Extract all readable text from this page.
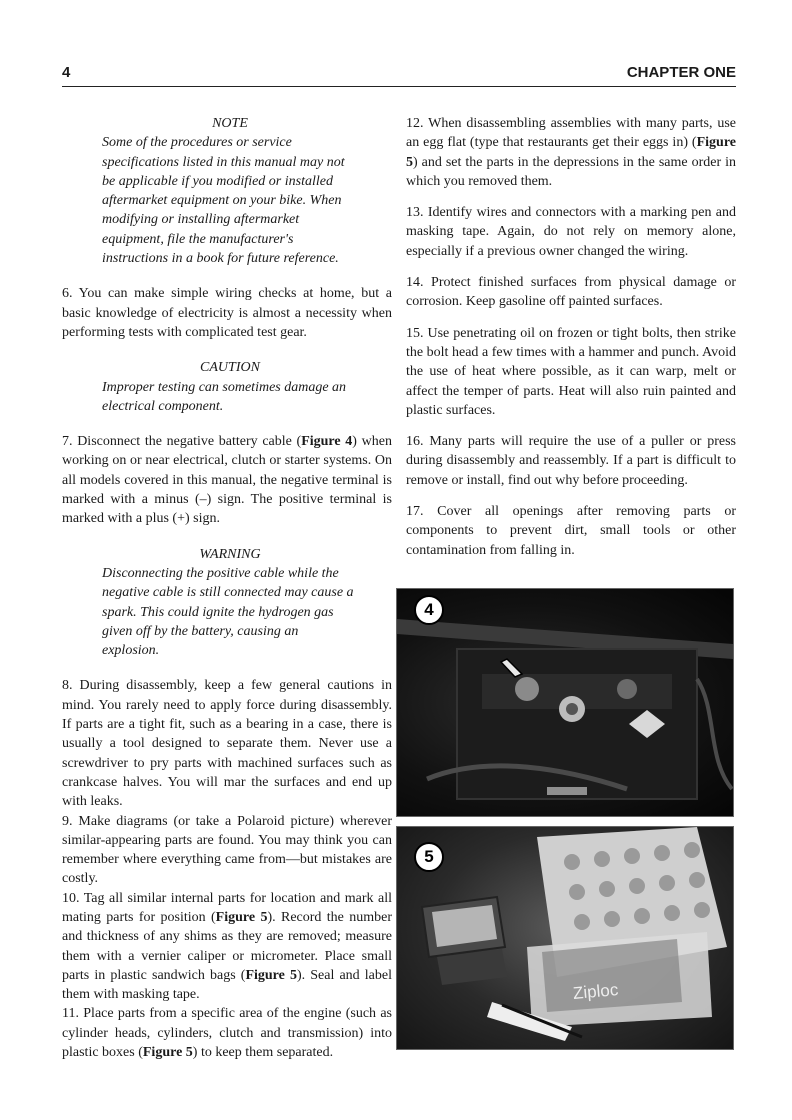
4	CHAPTER ONE

NOTE

Some of the procedures or service specifications listed in this manual may not be applicable if you modified or installed aftermarket equipment on your bike. When modifying or installing aftermarket equipment, file the manufacturer's instructions in a book for future reference.

6. You can make simple wiring checks at home, but a basic knowledge of electricity is almost a necessity when performing tests with complicated test gear.

CAUTION

Improper testing can sometimes damage an electrical component.

7. Disconnect the negative battery cable (Figure 4) when working on or near electrical, clutch or starter systems. On all models covered in this manual, the negative terminal is marked with a minus (–) sign. The positive terminal is marked with a plus (+) sign.

WARNING

Disconnecting the positive cable while the negative cable is still connected may cause a spark. This could ignite the hydrogen gas given off by the battery, causing an explosion.

8. During disassembly, keep a few general cautions in mind. You rarely need to apply force during disassembly. If parts are a tight fit, such as a bearing in a case, there is usually a tool designed to separate them. Never use a screwdriver to pry parts with machined surfaces such as crankcase halves. You will mar the surfaces and end up with leaks.

9. Make diagrams (or take a Polaroid picture) wherever similar-appearing parts are found. You may think you can remember where everything came from—but mistakes are costly.

10. Tag all similar internal parts for location and mark all mating parts for position (Figure 5). Record the number and thickness of any shims as they are removed; measure them with a vernier caliper or micrometer. Place small parts in plastic sandwich bags (Figure 5). Seal and label them with masking tape.

11. Place parts from a specific area of the engine (such as cylinder heads, cylinders, clutch and transmission) into plastic boxes (Figure 5) to keep them separated.

12. When disassembling assemblies with many parts, use an egg flat (type that restaurants get their eggs in) (Figure 5) and set the parts in the depressions in the same order in which you removed them.

13. Identify wires and connectors with a marking pen and masking tape. Again, do not rely on memory alone, especially if a previous owner changed the wiring.

14. Protect finished surfaces from physical damage or corrosion. Keep gasoline off painted surfaces.

15. Use penetrating oil on frozen or tight bolts, then strike the bolt head a few times with a hammer and punch. Avoid the use of heat where possible, as it can warp, melt or affect the temper of parts. Heat will also ruin painted and plastic surfaces.

16. Many parts will require the use of a puller or press during disassembly and reassembly. If a part is difficult to remove or install, find out why before proceeding.

17. Cover all openings after removing parts or components to prevent dirt, small tools or other contamination from falling in.

4
Ziploc
5
